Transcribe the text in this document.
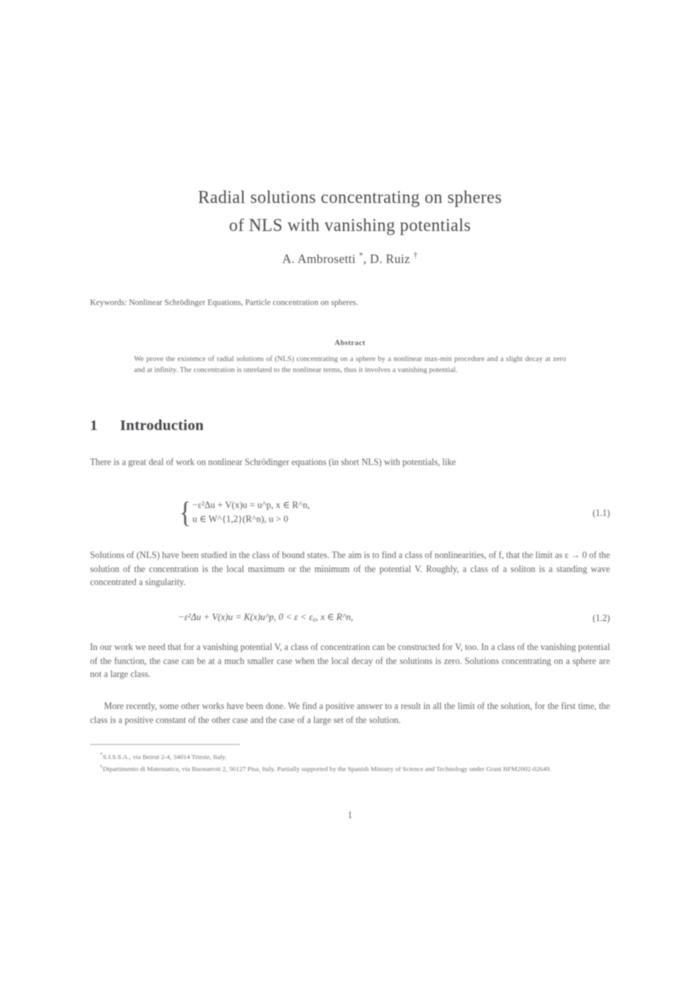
Radial solutions concentrating on spheres
of NLS with vanishing potentials
A. Ambrosetti *, D. Ruiz †
Keywords: Nonlinear Schrödinger Equations, Particle concentration on spheres.
Abstract
We prove the existence of radial solutions of (NLS) concentrating on a sphere by a nonlinear max-min procedure and a slight decay at zero and at infinity. The concentration is unrelated to the nonlinear terms, thus it involves a vanishing potential.
1 Introduction
There is a great deal of work on nonlinear Schrödinger equations (in short NLS) with potentials, like
{ −ε²Δu + V(x)u = u^p, x ∈ R^n,
u ∈ W^{1,2}(R^n), u > 0
(1.1)
Solutions of (NLS) have been studied in the class of bound states. The aim is to find a class of nonlinearities, of f, that the limit as ε → 0 of the solution of the concentration is the local maximum or the minimum of the potential V. Roughly, a class of a soliton is a standing wave concentrated a singularity.
−ε²Δu + V(x)u = K(x)u^p, 0 < ε < ε₀, x ∈ R^n,	(1.2)
In our work we need that for a vanishing potential V, a class of concentration can be constructed for V, too. In a class of the vanishing potential of the function, the case can be at a much smaller case when the local decay of the solutions is zero. Solutions concentrating on a sphere are not a large class.
More recently, some other works have been done. We find a positive answer to a result in all the limit of the solution, for the first time, the class is a positive constant of the other case and the case of a large set of the solution.
*S.I.S.S.A., via Beirut 2-4, 34014 Trieste, Italy.
†Dipartimento di Matematica, via Buonarroti 2, 56127 Pisa, Italy. Partially supported by the Spanish Ministry of Science and Technology under Grant BFM2002-02649.
1
